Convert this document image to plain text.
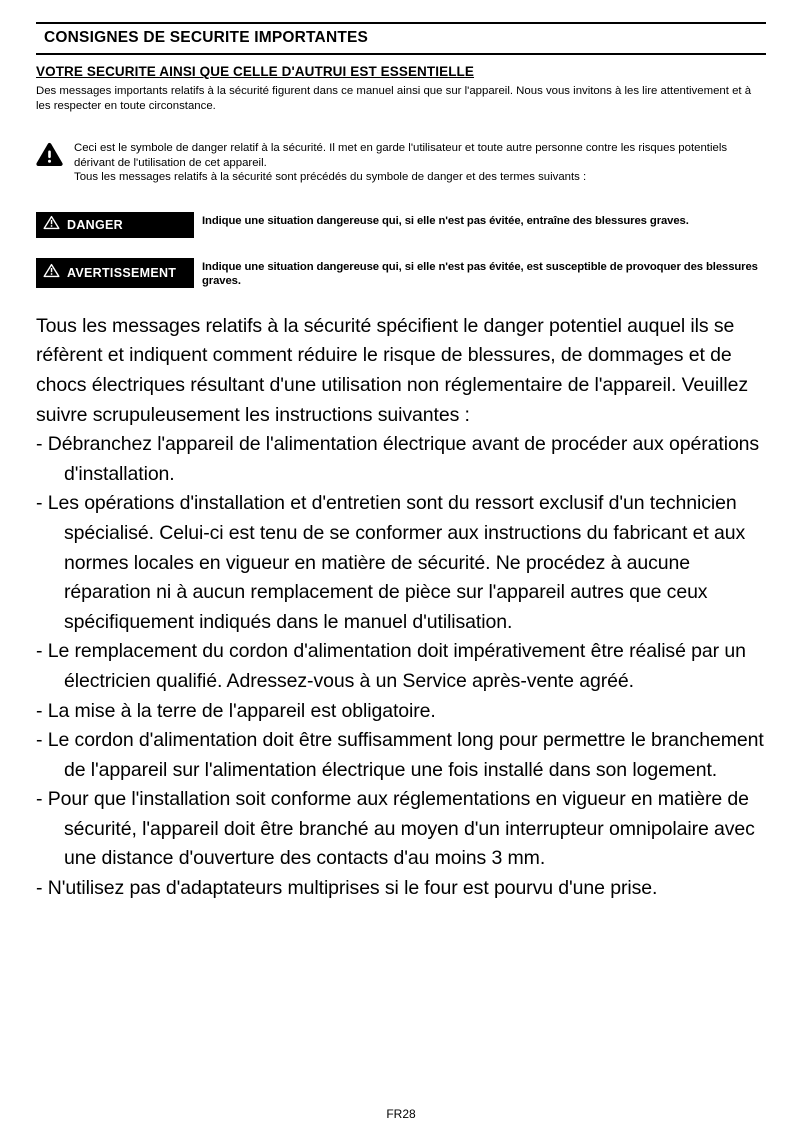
CONSIGNES DE SECURITE IMPORTANTES
VOTRE SECURITE AINSI QUE CELLE D'AUTRUI EST ESSENTIELLE
Des messages importants relatifs à la sécurité figurent dans ce manuel ainsi que sur l'appareil. Nous vous invitons à les lire attentivement et à les respecter en toute circonstance.
Ceci est le symbole de danger relatif à la sécurité. Il met en garde l'utilisateur et toute autre personne contre les risques potentiels dérivant de l'utilisation de cet appareil.
Tous les messages relatifs à la sécurité sont précédés du symbole de danger et des termes suivants :
DANGER	Indique une situation dangereuse qui, si elle n'est pas évitée, entraîne des blessures graves.
AVERTISSEMENT Indique une situation dangereuse qui, si elle n'est pas évitée, est susceptible de provoquer des blessures graves.
Tous les messages relatifs à la sécurité spécifient le danger potentiel auquel ils se réfèrent et indiquent comment réduire le risque de blessures, de dommages et de chocs électriques résultant d'une utilisation non réglementaire de l'appareil. Veuillez suivre scrupuleusement les instructions suivantes :
- Débranchez l'appareil de l'alimentation électrique avant de procéder aux opérations d'installation.
- Les opérations d'installation et d'entretien sont du ressort exclusif d'un technicien spécialisé. Celui-ci est tenu de se conformer aux instructions du fabricant et aux normes locales en vigueur en matière de sécurité. Ne procédez à aucune réparation ni à aucun remplacement de pièce sur l'appareil autres que ceux spécifiquement indiqués dans le manuel d'utilisation.
- Le remplacement du cordon d'alimentation doit impérativement être réalisé par un électricien qualifié. Adressez-vous à un Service après-vente agréé.
- La mise à la terre de l'appareil est obligatoire.
- Le cordon d'alimentation doit être suffisamment long pour permettre le branchement de l'appareil sur l'alimentation électrique une fois installé dans son logement.
- Pour que l'installation soit conforme aux réglementations en vigueur en matière de sécurité, l'appareil doit être branché au moyen d'un interrupteur omnipolaire avec une distance d'ouverture des contacts d'au moins 3 mm.
- N'utilisez pas d'adaptateurs multiprises si le four est pourvu d'une prise.
FR28
